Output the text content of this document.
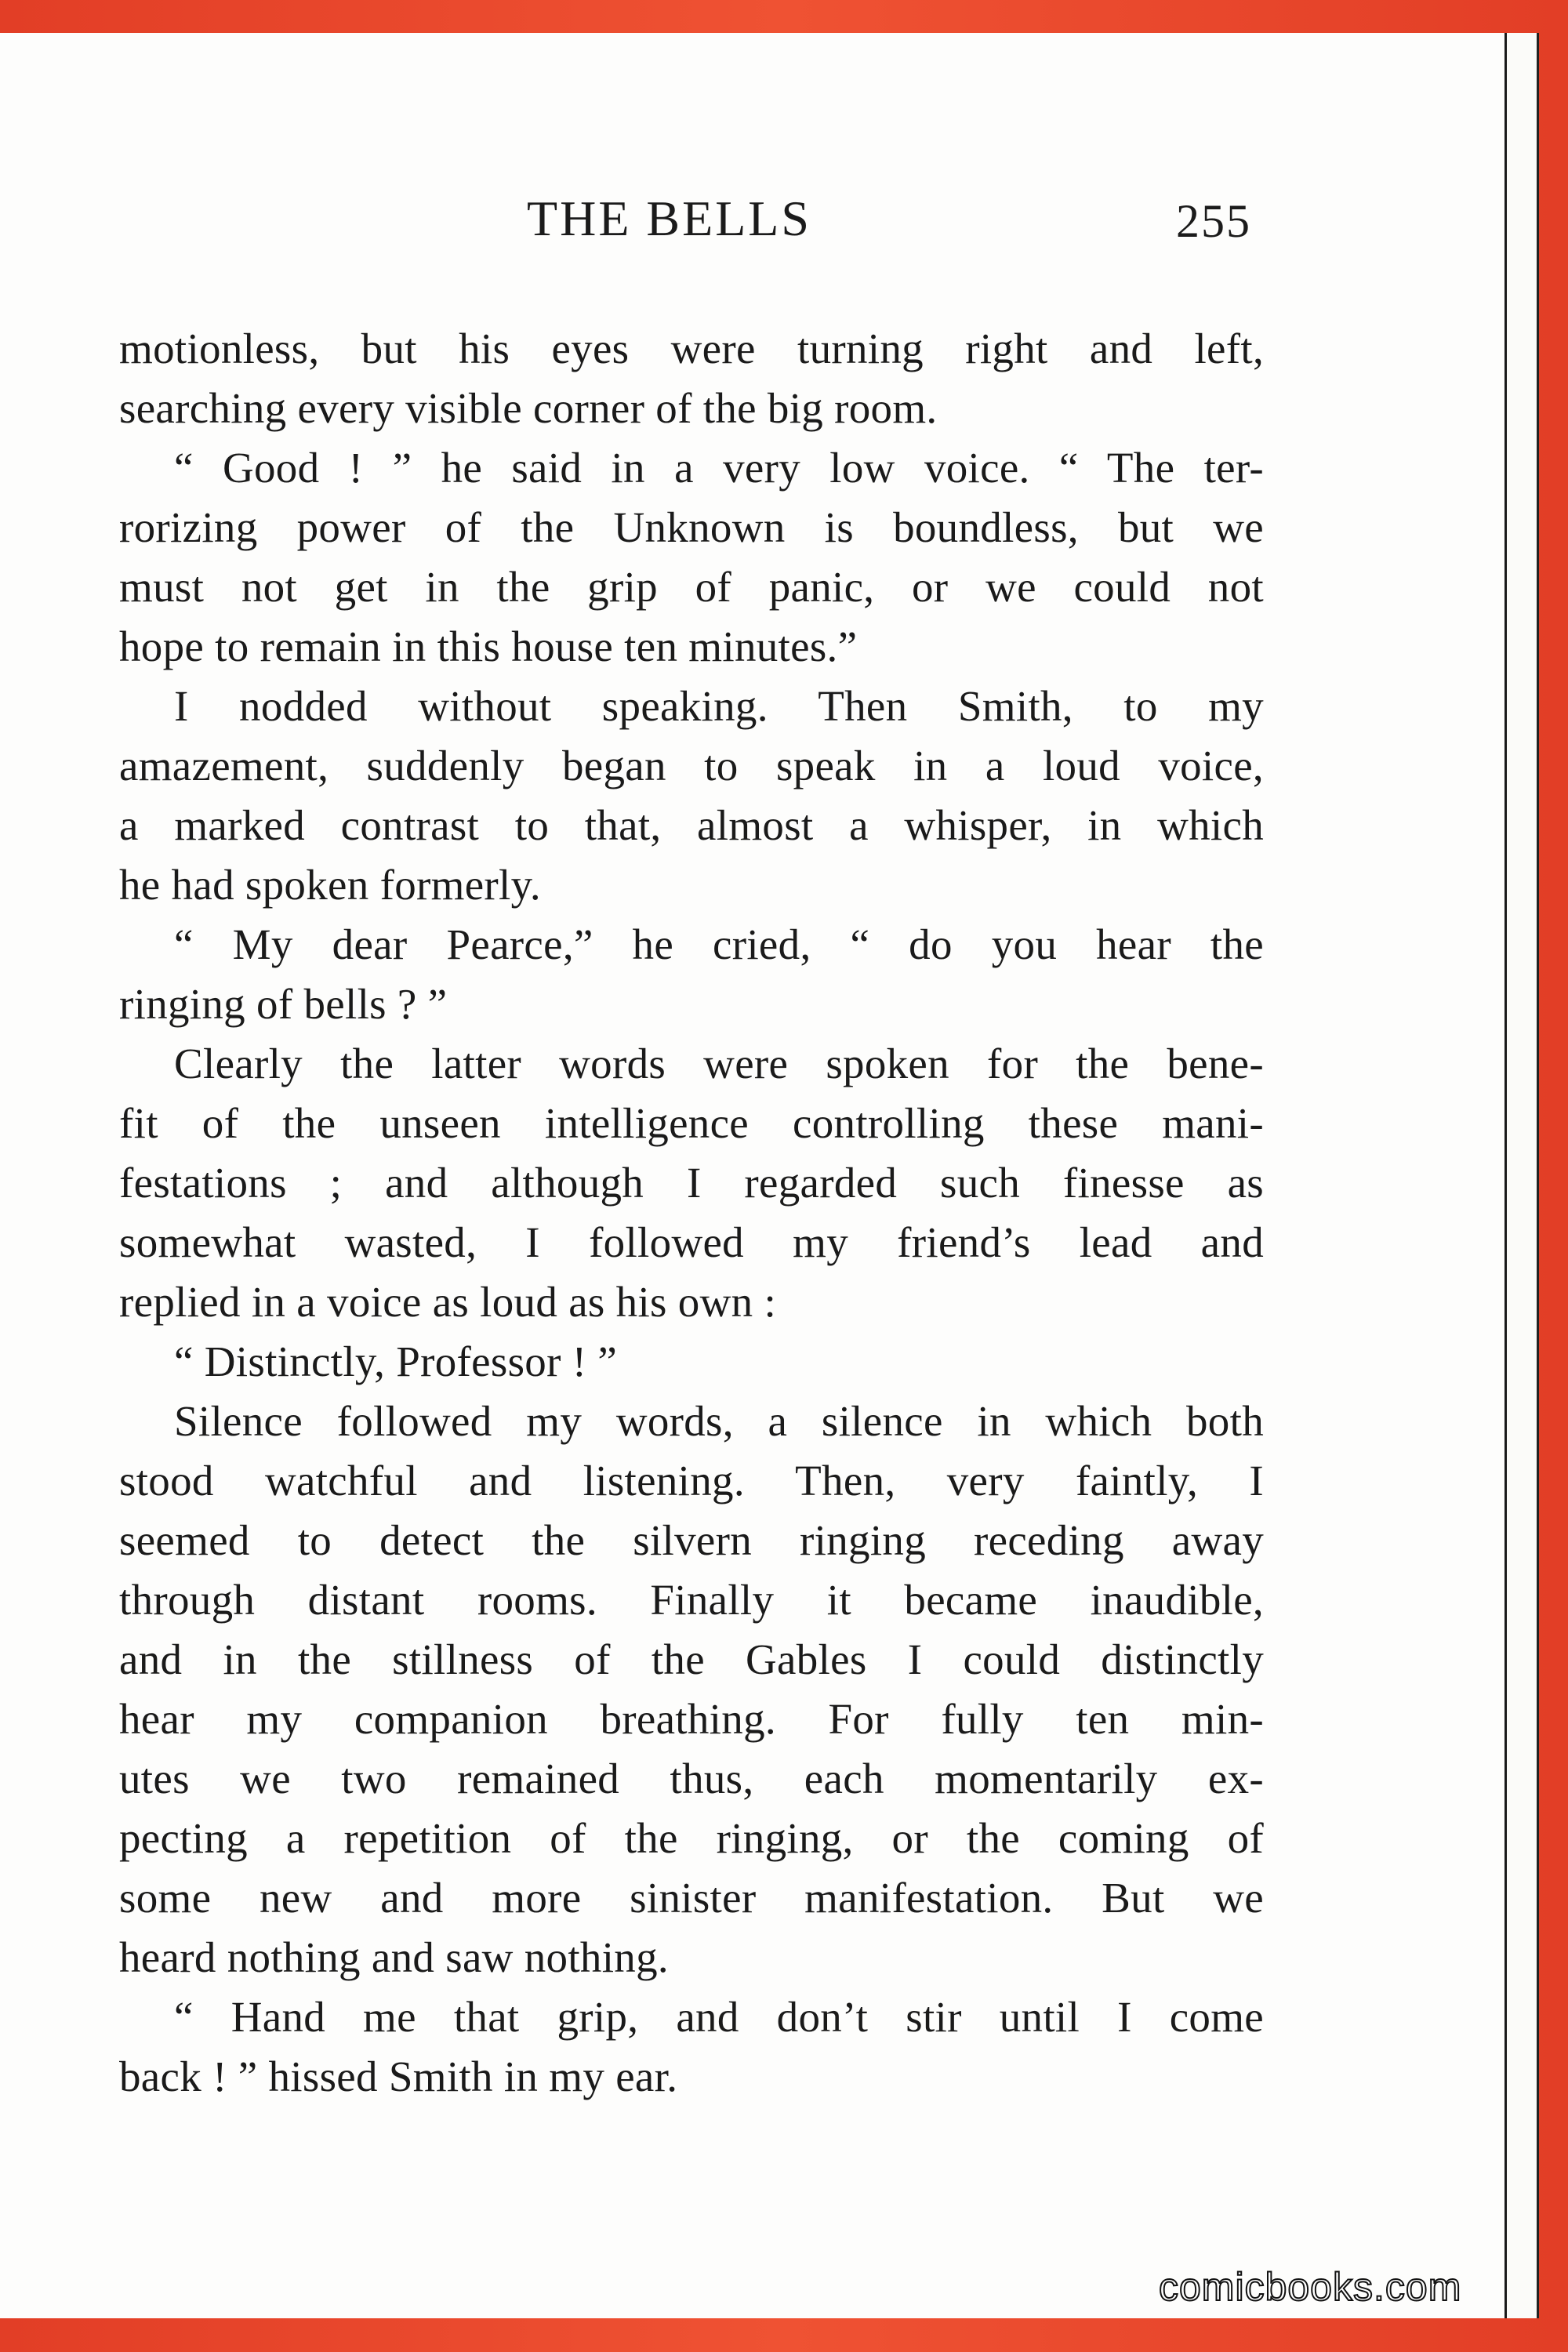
THE BELLS	255
motionless, but his eyes were turning right and left,
searching every visible corner of the big room.
“ Good ! ” he said in a very low voice. “ The ter-
rorizing power of the Unknown is boundless, but we
must not get in the grip of panic, or we could not
hope to remain in this house ten minutes.”
I nodded without speaking. Then Smith, to my
amazement, suddenly began to speak in a loud voice,
a marked contrast to that, almost a whisper, in which
he had spoken formerly.
“ My dear Pearce,” he cried, “ do you hear the
ringing of bells ? ”
Clearly the latter words were spoken for the bene-
fit of the unseen intelligence controlling these mani-
festations ; and although I regarded such finesse as
somewhat wasted, I followed my friend’s lead and
replied in a voice as loud as his own :
“ Distinctly, Professor ! ”
Silence followed my words, a silence in which both
stood watchful and listening. Then, very faintly, I
seemed to detect the silvern ringing receding away
through distant rooms. Finally it became inaudible,
and in the stillness of the Gables I could distinctly
hear my companion breathing. For fully ten min-
utes we two remained thus, each momentarily ex-
pecting a repetition of the ringing, or the coming of
some new and more sinister manifestation. But we
heard nothing and saw nothing.
“ Hand me that grip, and don’t stir until I come
back ! ” hissed Smith in my ear.
comicbooks.com
